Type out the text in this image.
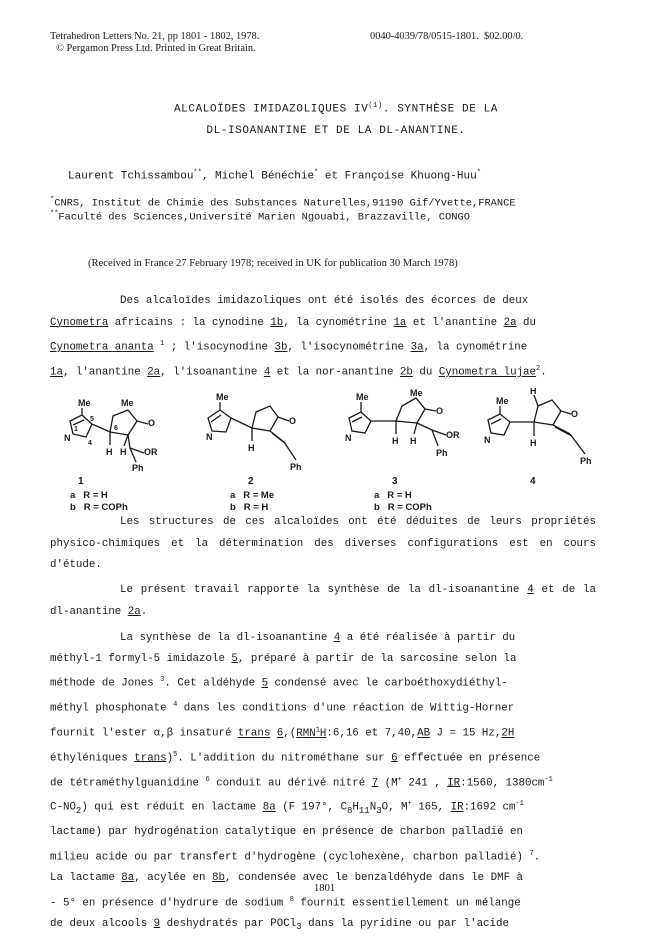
Tetrahedron Letters No. 21, pp 1801 - 1802, 1978.	0040-4039/78/0515-1801. $02.00/0.
© Pergamon Press Ltd. Printed in Great Britain.
ALCALOÏDES IMIDAZOLIQUES IV$^{(1)}$. SYNTHÈSE DE LA
DL-ISOANANTINE ET DE LA DL-ANANTINE.
Laurent Tchissambou**, Michel Bénéchie* et Françoise Khuong-Huu*
*CNRS, Institut de Chimie des Substances Naturelles,91190 Gif/Yvette,FRANCE
**Faculté des Sciences,Université Marien Ngouabi, Brazzaville, CONGO
(Received in France 27 February 1978; received in UK for publication 30 March 1978)
Des alcaloïdes imidazoliques ont été isolés des écorces de deux
Cynometra africains : la cynodine 1b, la cynométrine 1a et l'anantine 2a du
Cynometra ananta $^1$ ; l'isocynodine 3b, l'isocynométrine 3a, la cynométrine
1a, l'anantine 2a, l'isoanantine 4 et la nor-anantine 2b du Cynometra lujae$^2$.
Me
1
5
4
6
N
Me
O
H H OR
Ph
Me
N
O
H
Ph
Me
N
Me
O
H H
OR
Ph
Me
N
H
O
H
Ph
1	2	3	4
a R = H
b R = COPh
a R = Me
b R = H
a R = H
b R = COPh
Les structures de ces alcaloïdes ont été déduites de leurs propriétés physico-chimiques et la détermination des diverses configurations est en cours d'étude.
Le présent travail rapporte la synthèse de la dl-isoanantine 4 et de la dl-anantine 2a.
La synthèse de la dl-isoanantine 4 a été réalisée à partir du
méthyl-1 formyl-5 imidazole 5, préparé à partir de la sarcosine selon la
méthode de Jones $^3$. Cet aldéhyde 5 condensé avec le carboéthoxydiéthyl-
méthyl phosphonate $^4$ dans les conditions d'une réaction de Wittig-Horner
fournit l'ester α,β insaturé trans 6,(RMN$^1$H:6,16 et 7,40,AB J = 15 Hz,2H
éthyléniques trans)$^5$. L'addition du nitrométhane sur 6 effectuée en présence
de tétraméthylguanidine $^6$ conduit au dérivé nitré 7 (M+ 241 , IR:1560, $1380cm^{-1}$
$C-NO_2$) qui est réduit en lactame 8a (F 197°, $C_8H_{11}N_3O$, M+ 165, IR:1692 $cm^{-1}$
lactame) par hydrogénation catalytique en présence de charbon palladié en
milieu acide ou par transfert d'hydrogène (cyclohexène, charbon palladié) $^7$.
La lactame 8a, acylée en 8b, condensée avec le benzaldéhyde dans le DMF à
- 5° en présence d'hydrure de sodium $^8$ fournit essentiellement un mélange
de deux alcools 9 deshydratés par POCl$_3$ dans la pyridine ou par l'acide
1801
